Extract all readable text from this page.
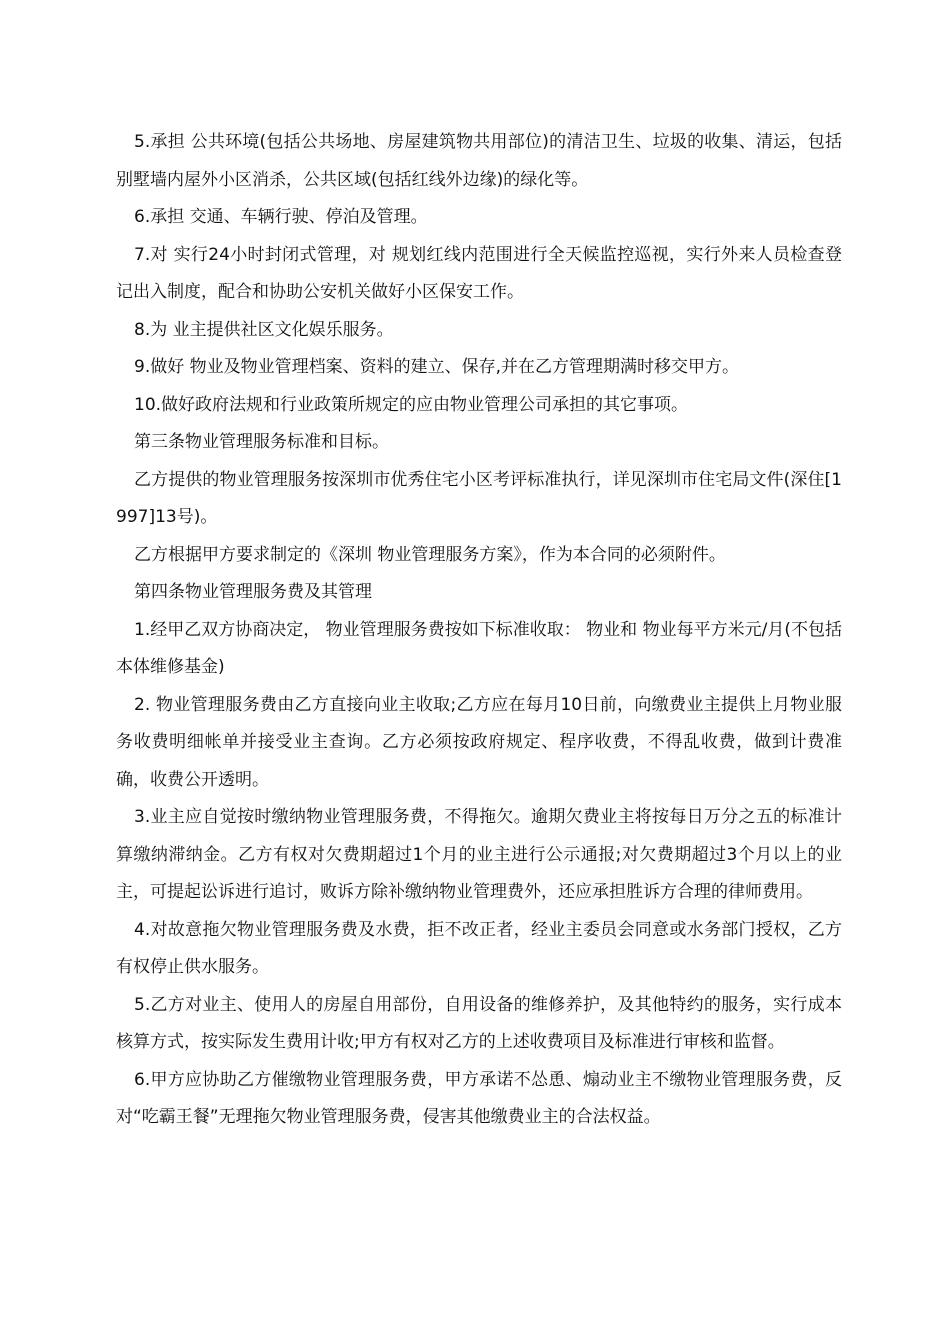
5.承担 公共环境(包括公共场地、房屋建筑物共用部位)的清洁卫生、垃圾的收集、清运，包括别墅墙内屋外小区消杀，公共区域(包括红线外边缘)的绿化等。

6.承担 交通、车辆行驶、停泊及管理。

7.对 实行24小时封闭式管理，对 规划红线内范围进行全天候监控巡视，实行外来人员检查登记出入制度，配合和协助公安机关做好小区保安工作。

8.为 业主提供社区文化娱乐服务。

9.做好 物业及物业管理档案、资料的建立、保存,并在乙方管理期满时移交甲方。

10.做好政府法规和行业政策所规定的应由物业管理公司承担的其它事项。

第三条物业管理服务标准和目标。

乙方提供的物业管理服务按深圳市优秀住宅小区考评标准执行，详见深圳市住宅局文件(深住[1997]13号)。

乙方根据甲方要求制定的《深圳 物业管理服务方案》，作为本合同的必须附件。

第四条物业管理服务费及其管理

1.经甲乙双方协商决定， 物业管理服务费按如下标准收取： 物业和 物业每平方米元/月(不包括本体维修基金)

2. 物业管理服务费由乙方直接向业主收取;乙方应在每月10日前，向缴费业主提供上月物业服务收费明细帐单并接受业主查询。乙方必须按政府规定、程序收费，不得乱收费，做到计费准确，收费公开透明。

3.业主应自觉按时缴纳物业管理服务费，不得拖欠。逾期欠费业主将按每日万分之五的标准计算缴纳滞纳金。乙方有权对欠费期超过1个月的业主进行公示通报;对欠费期超过3个月以上的业主，可提起讼诉进行追讨，败诉方除补缴纳物业管理费外，还应承担胜诉方合理的律师费用。

4.对故意拖欠物业管理服务费及水费，拒不改正者，经业主委员会同意或水务部门授权，乙方有权停止供水服务。

5.乙方对业主、使用人的房屋自用部份，自用设备的维修养护，及其他特约的服务，实行成本核算方式，按实际发生费用计收;甲方有权对乙方的上述收费项目及标准进行审核和监督。

6.甲方应协助乙方催缴物业管理服务费，甲方承诺不怂恿、煽动业主不缴物业管理服务费，反对“吃霸王餐”无理拖欠物业管理服务费，侵害其他缴费业主的合法权益。
